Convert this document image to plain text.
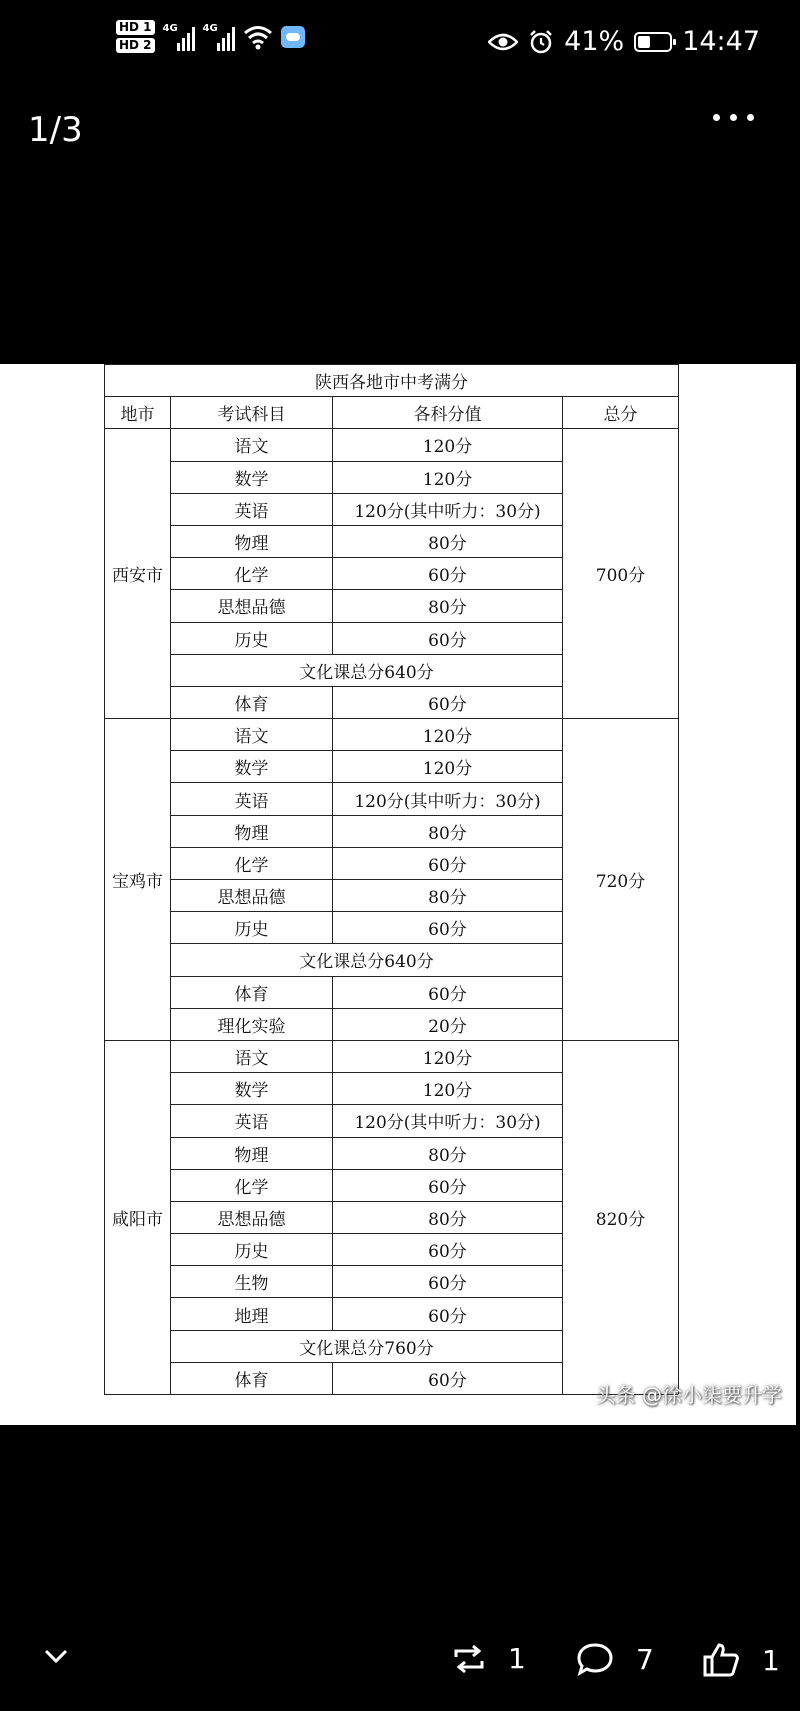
HD 1
HD 2
4G 4G	41% 14:47
1/3
陕西各地市中考满分			
地市	考试科目	各科分值	总分
西安市	语文	120分	700分
	数学	120分	
	英语	120分(其中听力：30分)	
	物理	80分	
	化学	60分	
	思想品德	80分	
	历史	60分	
	文化课总分640分		
	体育	60分	
宝鸡市	语文	120分	720分
	数学	120分	
	英语	120分(其中听力：30分)	
	物理	80分	
	化学	60分	
	思想品德	80分	
	历史	60分	
	文化课总分640分		
	体育	60分	
	理化实验	20分	
咸阳市	语文	120分	820分
	数学	120分	
	英语	120分(其中听力：30分)	
	物理	80分	
	化学	60分	
	思想品德	80分	
	历史	60分	
	生物	60分	
	地理	60分	
	文化课总分760分		
	体育	60分	
头条 @徐小柒要升学
1	7	1
